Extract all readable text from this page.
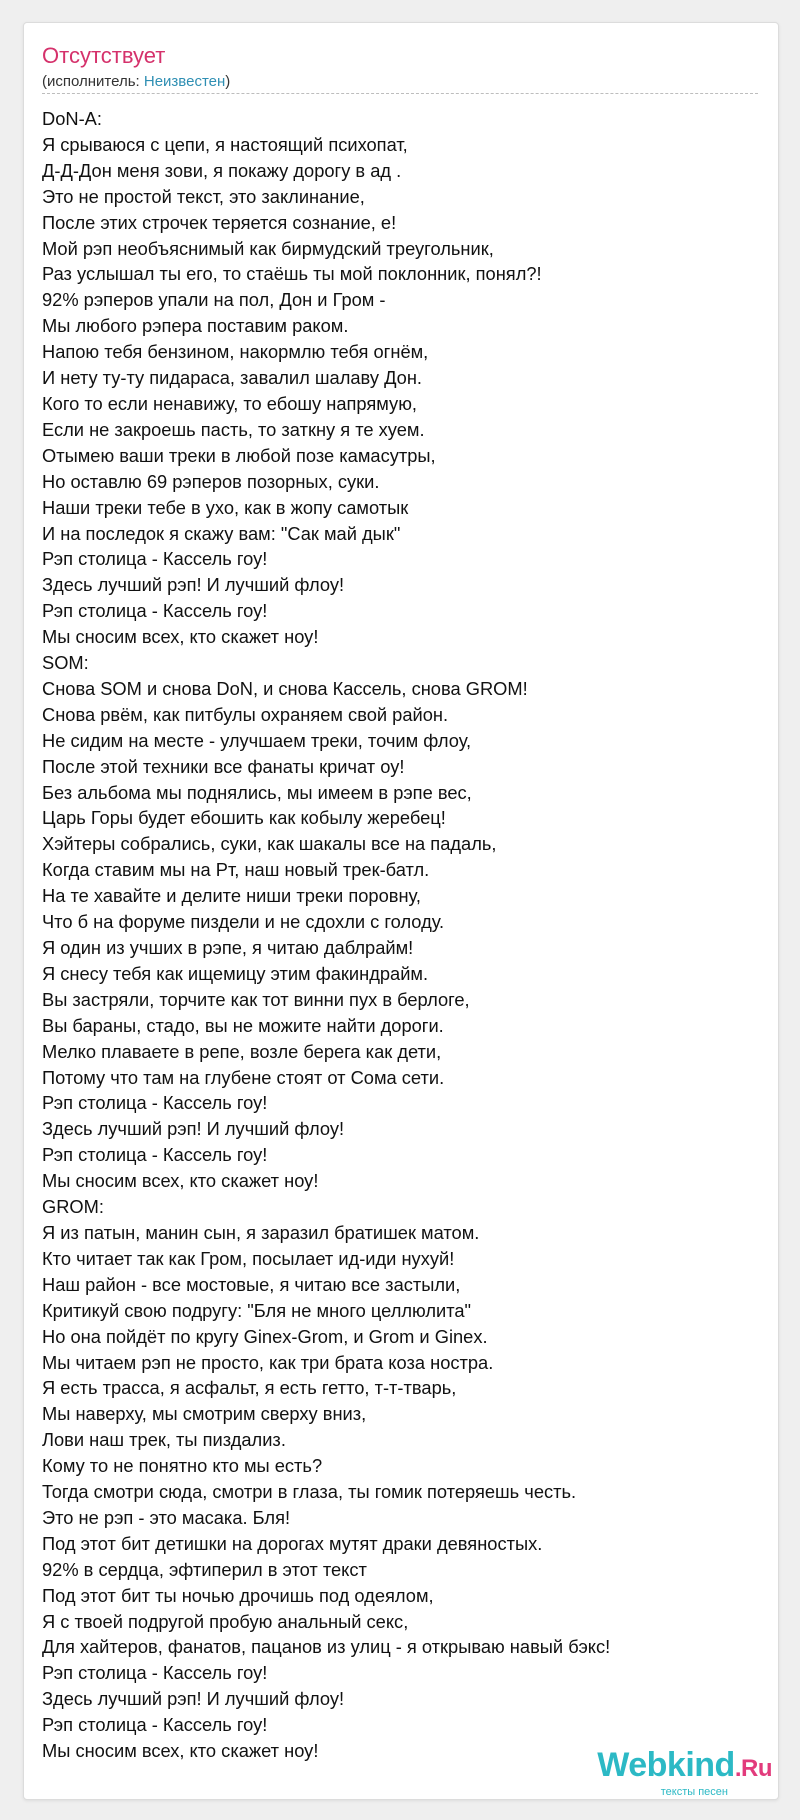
Отсутствует
(исполнитель: Неизвестен)
DoN-A:
Я срываюся с цепи, я настоящий психопат,
Д-Д-Дон меня зови, я покажу дорогу в ад .
Это не простой текст, это заклинание,
После этих строчек теряется сознание, е!
Мой рэп необъяснимый как бирмудский треугольник,
Раз услышал ты его, то стаёшь ты мой поклонник, понял?!
92% рэперов упали на пол, Дон и Гром -
Мы любого рэпера поставим раком.
Напою тебя бензином, накормлю тебя огнём,
И нету ту-ту пидараса, завалил шалаву Дон.
Кого то если ненавижу, то ебошу напрямую,
Если не закроешь пасть, то заткну я те хуем.
Отымею ваши треки в любой позе камасутры,
Но оставлю 69 рэперов позорных, суки.
Наши треки тебе в ухо, как в жопу самотык
И на последок я скажу вам: "Сак май дык"
Рэп столица - Кассель гоу!
Здесь лучший рэп! И лучший флоу!
Рэп столица - Кассель гоу!
Мы сносим всех, кто скажет ноу!
SOM:
Снова SOM и снова DoN, и снова Кассель, снова GROM!
Снова рвём, как питбулы охраняем свой район.
Не сидим на месте - улучшаем треки, точим флоу,
После этой техники все фанаты кричат оу!
Без альбома мы поднялись, мы имеем в рэпе вес,
Царь Горы будет ебошить как кобылу жеребец!
Хэйтеры собрались, суки, как шакалы все на падаль,
Когда ставим мы на Рт, наш новый трек-батл.
На те хавайте и делите ниши треки поровну,
Что б на форуме пиздели и не сдохли с голоду.
Я один из учших в рэпе, я читаю даблрайм!
Я снесу тебя как ищемицу этим факиндрайм.
Вы застряли, торчите как тот винни пух в берлоге,
Вы бараны, стадо, вы не можите найти дороги.
Мелко плаваете в репе, возле берега как дети,
Потому что там на глубене стоят от Сома сети.
Рэп столица - Кассель гоу!
Здесь лучший рэп! И лучший флоу!
Рэп столица - Кассель гоу!
Мы сносим всех, кто скажет ноу!
GROM:
Я из патын, манин сын, я заразил братишек матом.
Кто читает так как Гром, посылает ид-иди нухуй!
Наш район - все мостовые, я читаю все застыли,
Критикуй свою подругу: "Бля не много целлюлита"
Но она пойдёт по кругу Ginex-Grom, и Grom и Ginex.
Мы читаем рэп не просто, как три брата коза ностра.
Я есть трасса, я асфальт, я есть гетто, т-т-тварь,
Мы наверху, мы смотрим сверху вниз,
Лови наш трек, ты пиздализ.
Кому то не понятно кто мы есть?
Тогда смотри сюда, смотри в глаза, ты гомик потеряешь честь.
Это не рэп - это масака. Бля!
Под этот бит детишки на дорогах мутят драки девяностых.
92% в сердца, эфтиперил в этот текст
Под этот бит ты ночью дрочишь под одеялом,
Я с твоей подругой пробую анальный секс,
Для хайтеров, фанатов, пацанов из улиц - я открываю навый бэкс!
Рэп столица - Кассель гоу!
Здесь лучший рэп! И лучший флоу!
Рэп столица - Кассель гоу!
Мы сносим всех, кто скажет ноу!	Webkind.Ru
тексты песен
